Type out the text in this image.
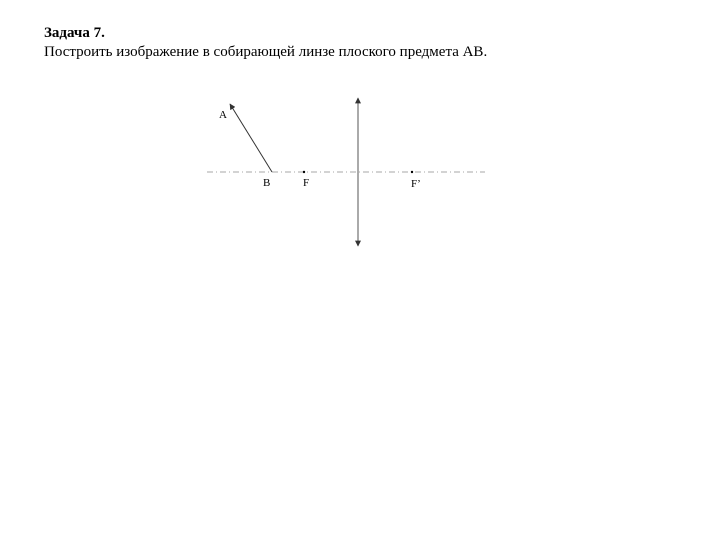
Задача 7.

Построить изображение в собирающей линзе плоского предмета АВ.

А
B	F	F’
